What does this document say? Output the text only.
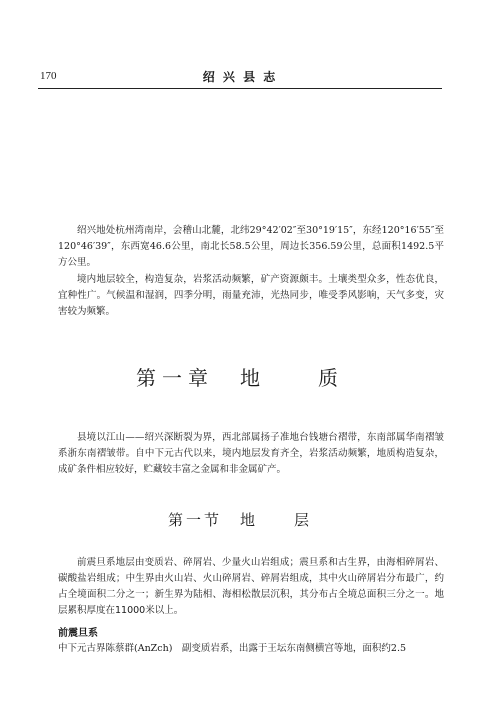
170	绍 兴 县 志

绍兴地处杭州湾南岸，会稽山北麓，北纬29°42′02″至30°19′15″，东经120°16′55″至120°46′39″，东西宽46.6公里，南北长58.5公里，周边长356.59公里，总面积1492.5平方公里。

境内地层较全，构造复杂，岩浆活动频繁，矿产资源颇丰。土壤类型众多，性态优良，宜种性广。气候温和湿润，四季分明，雨量充沛，光热同步，唯受季风影响，天气多变，灾害较为频繁。

第一章　地　　质

县境以江山——绍兴深断裂为界，西北部属扬子准地台钱塘台褶带，东南部属华南褶皱系浙东南褶皱带。自中下元古代以来，境内地层发育齐全，岩浆活动频繁，地质构造复杂，成矿条件相应较好，贮藏较丰富之金属和非金属矿产。

第一节　地　　层

前震旦系地层由变质岩、碎屑岩、少量火山岩组成；震旦系和古生界，由海相碎屑岩、碳酸盐岩组成；中生界由火山岩、火山碎屑岩、碎屑岩组成，其中火山碎屑岩分布最广，约占全境面积二分之一；新生界为陆相、海相松散层沉积，其分布占全境总面积三分之一。地层累积厚度在11000米以上。

前震旦系

中下元古界陈蔡群(AnZch)　副变质岩系，出露于王坛东南侧横宫等地，面积约2.5
